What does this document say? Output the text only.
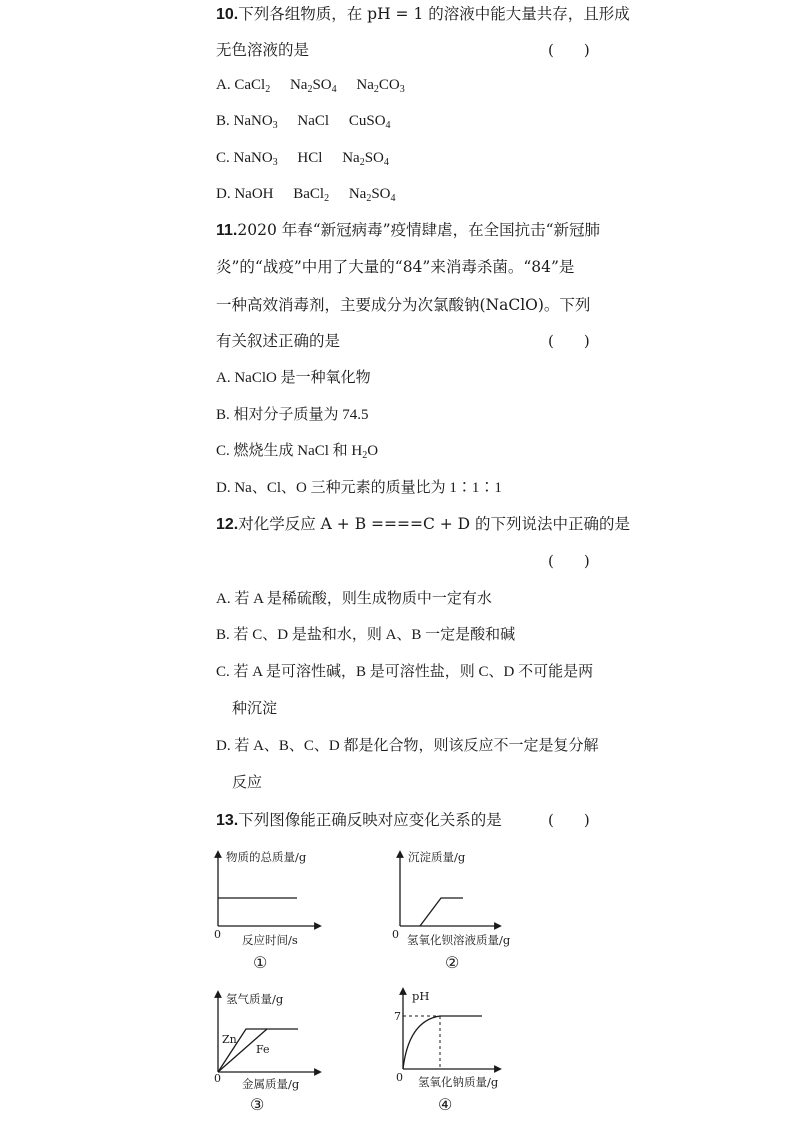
10.下列各组物质，在 pH = 1 的溶液中能大量共存，且形成
无色溶液的是	(　　)
A. CaCl$_2$ $Na_2SO_4$ $Na_2CO_3$
B. NaNO$_3$ NaCl CuSO$_4$
C. NaNO$_3$ HCl $Na_2SO_4$
D. NaOH BaCl$_2$ $Na_2SO_4$
11.2020 年春“新冠病毒”疫情肆虐，在全国抗击“新冠肺
炎”的“战疫”中用了大量的“84”来消毒杀菌。“84”是
一种高效消毒剂，主要成分为次氯酸钠(NaClO)。下列
有关叙述正确的是	(　　)
A. NaClO 是一种氧化物
B. 相对分子质量为 74.5
C. 燃烧生成 NaCl 和 $H_2O$
D. Na、Cl、O 三种元素的质量比为 1∶1∶1
12.对化学反应 A + B ====C + D 的下列说法中正确的是
(　　)
A. 若 A 是稀硫酸，则生成物质中一定有水
B. 若 C、D 是盐和水，则 A、B 一定是酸和碱
C. 若 A 是可溶性碱，B 是可溶性盐，则 C、D 不可能是两
种沉淀
D. 若 A、B、C、D 都是化合物，则该反应不一定是复分解
反应
13.下列图像能正确反映对应变化关系的是	(　　)
物质的总质量/g
反应时间/s
0
①
沉淀质量/g
氢氧化钡溶液质量/g
0
②
氢气质量/g
金属质量/g
0
Zn
Fe
③
pH
氢氧化钠质量/g
0
7
④
